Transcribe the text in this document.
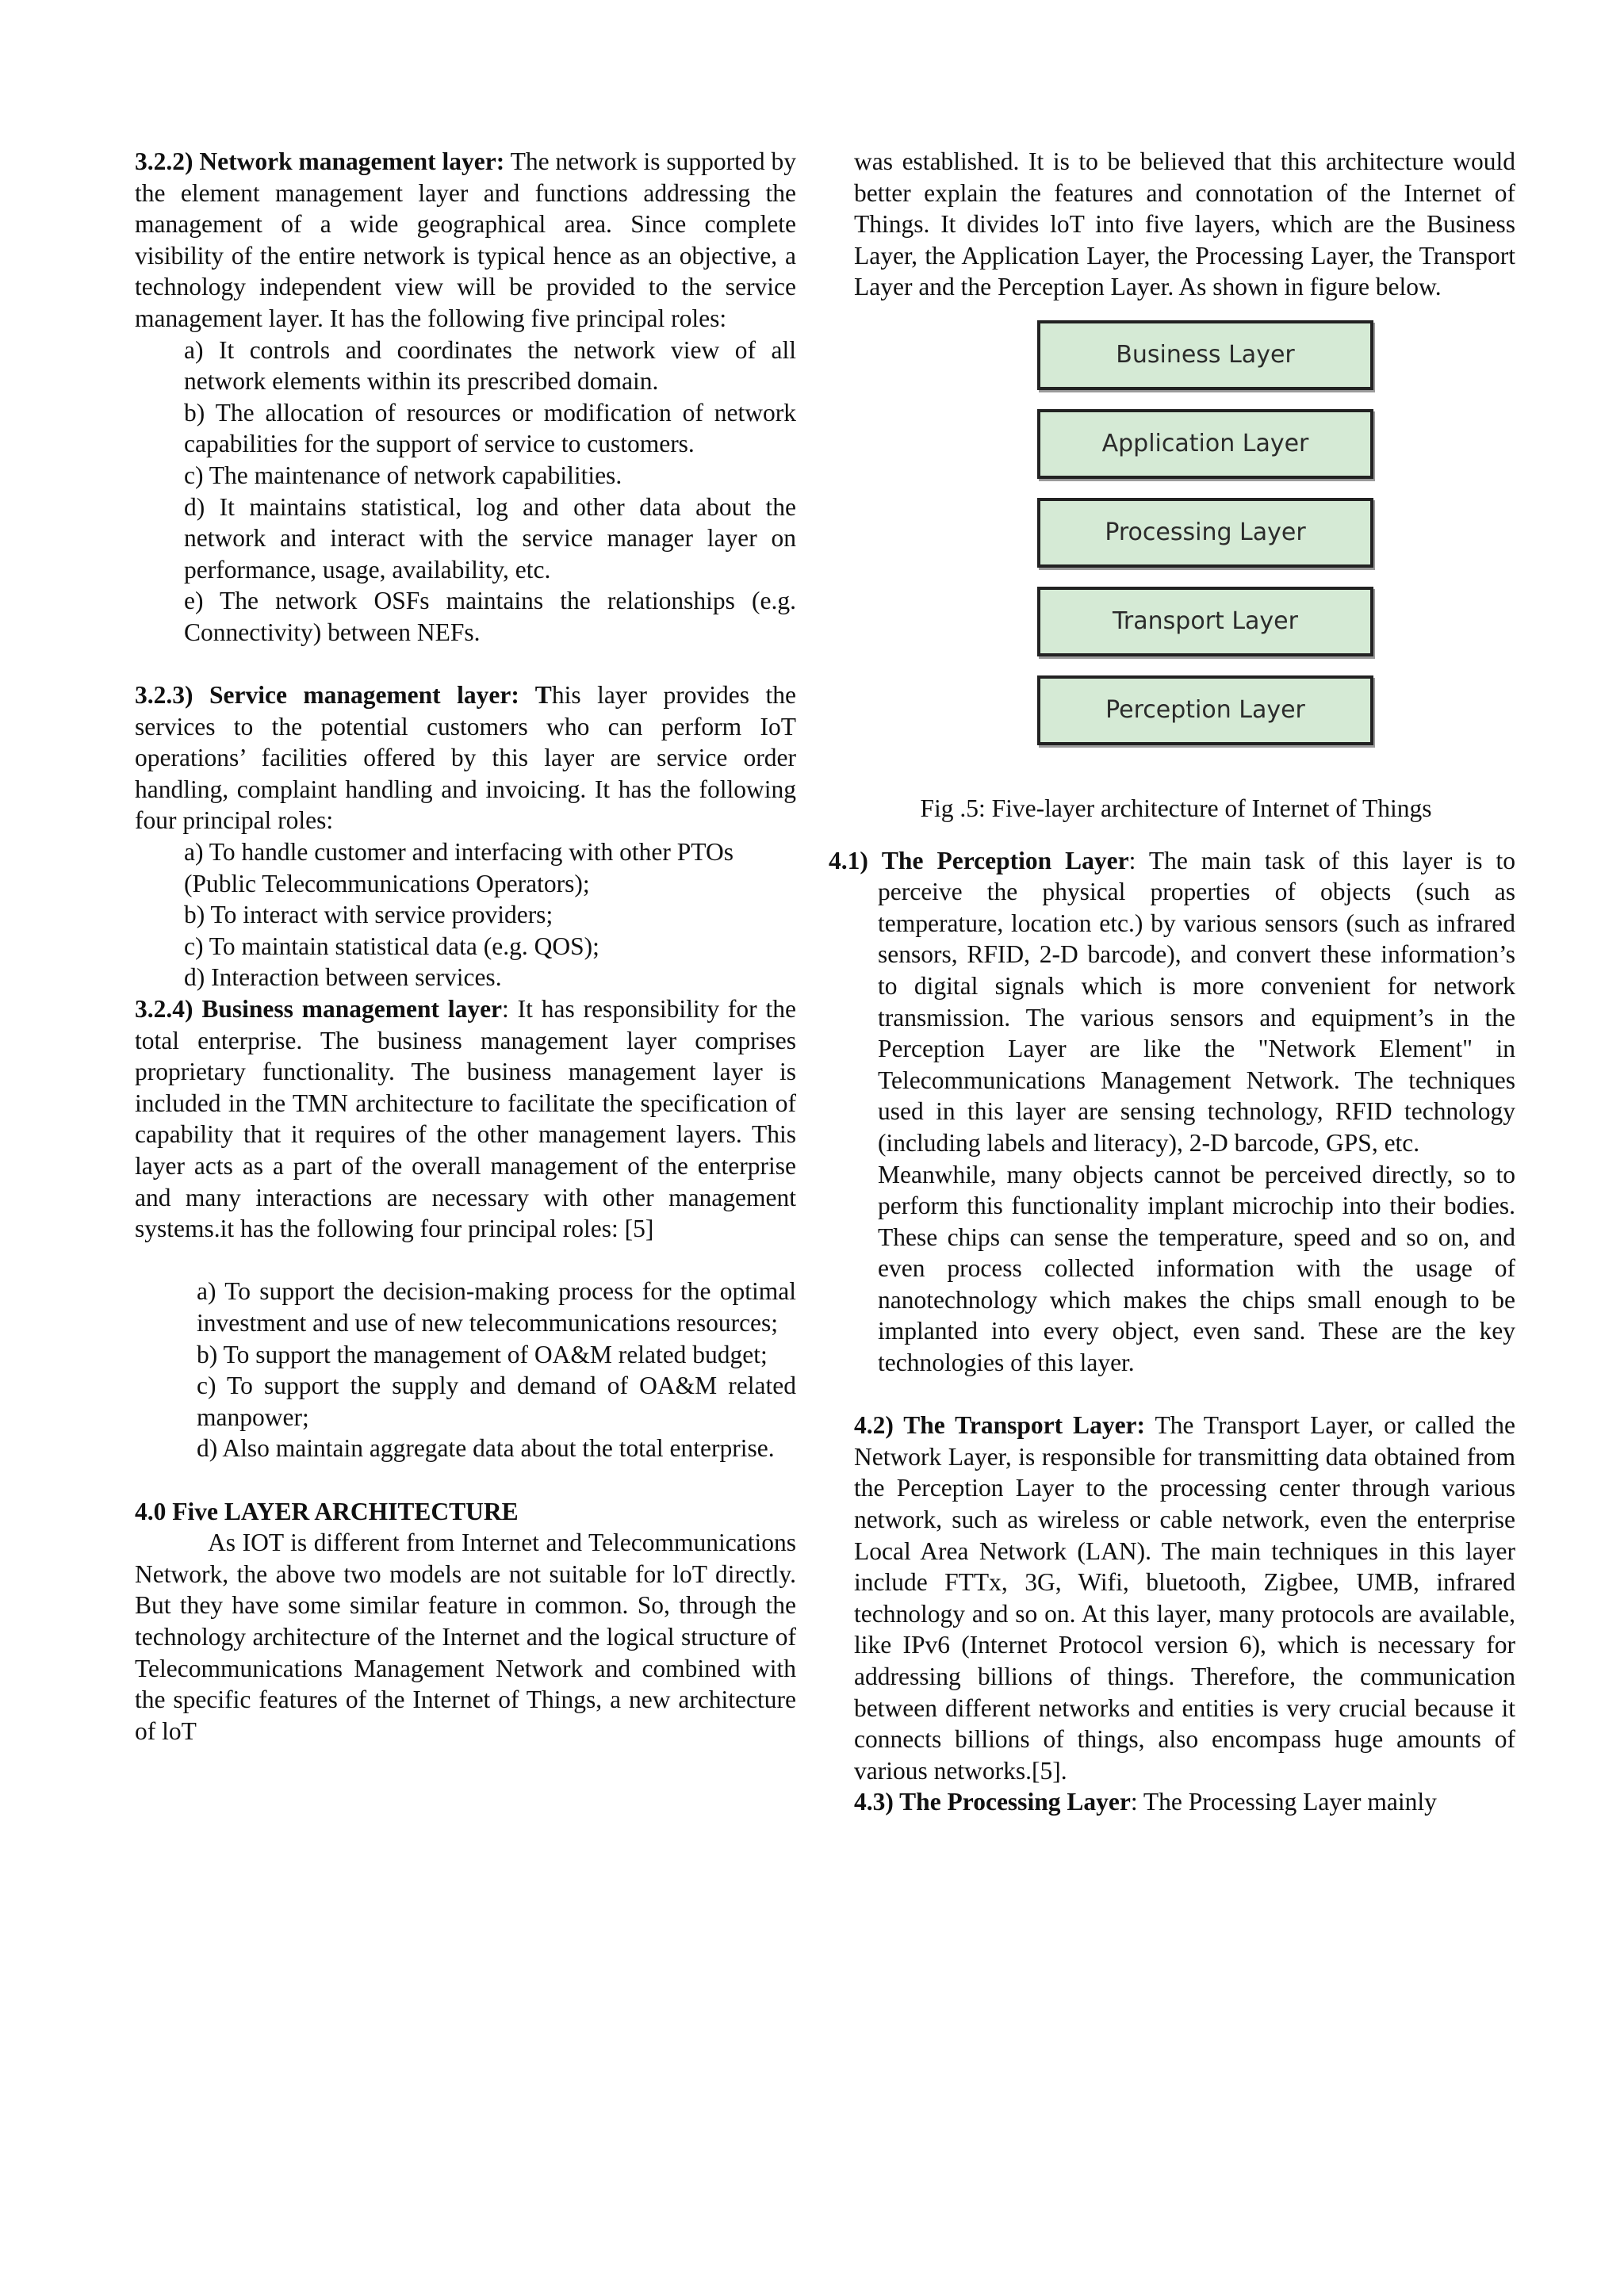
3.2.2) Network management layer: The network is supported by the element management layer and functions addressing the management of a wide geographical area. Since complete visibility of the entire network is typical hence as an objective, a technology independent view will be provided to the service management layer. It has the following five principal roles:

a) It controls and coordinates the network view of all network elements within its prescribed domain.

b) The allocation of resources or modification of network capabilities for the support of service to customers.

c) The maintenance of network capabilities.

d) It maintains statistical, log and other data about the network and interact with the service manager layer on performance, usage, availability, etc.

e) The network OSFs maintains the relationships (e.g. Connectivity) between NEFs.

3.2.3) Service management layer: This layer provides the services to the potential customers who can perform IoT operations’ facilities offered by this layer are service order handling, complaint handling and invoicing. It has the following four principal roles:

a) To handle customer and interfacing with other PTOs (Public Telecommunications Operators);

b) To interact with service providers;

c) To maintain statistical data (e.g. QOS);

d) Interaction between services.

3.2.4) Business management layer: It has responsibility for the total enterprise. The business management layer comprises proprietary functionality. The business management layer is included in the TMN architecture to facilitate the specification of capability that it requires of the other management layers. This layer acts as a part of the overall management of the enterprise and many interactions are necessary with other management systems.it has the following four principal roles: [5]

a) To support the decision-making process for the optimal investment and use of new telecommunications resources;

b) To support the management of OA&M related budget;

c) To support the supply and demand of OA&M related manpower;

d) Also maintain aggregate data about the total enterprise.

4.0 Five LAYER ARCHITECTURE

As IOT is different from Internet and Telecommunications Network, the above two models are not suitable for loT directly. But they have some similar feature in common. So, through the technology architecture of the Internet and the logical structure of Telecommunications Management Network and combined with the specific features of the Internet of Things, a new architecture of loT

was established. It is to be believed that this architecture would better explain the features and connotation of the Internet of Things. It divides loT into five layers, which are the Business Layer, the Application Layer, the Processing Layer, the Transport Layer and the Perception Layer. As shown in figure below.

Business Layer
Application Layer
Processing Layer
Transport Layer
Perception Layer

Fig .5: Five-layer architecture of Internet of Things

4.1) The Perception Layer: The main task of this layer is to perceive the physical properties of objects (such as temperature, location etc.) by various sensors (such as infrared sensors, RFID, 2-D barcode), and convert these information’s to digital signals which is more convenient for network transmission. The various sensors and equipment’s in the Perception Layer are like the "Network Element" in Telecommunications Management Network. The techniques used in this layer are sensing technology, RFID technology (including labels and literacy), 2-D barcode, GPS, etc.

Meanwhile, many objects cannot be perceived directly, so to perform this functionality implant microchip into their bodies. These chips can sense the temperature, speed and so on, and even process collected information with the usage of nanotechnology which makes the chips small enough to be implanted into every object, even sand. These are the key technologies of this layer.

4.2) The Transport Layer: The Transport Layer, or called the Network Layer, is responsible for transmitting data obtained from the Perception Layer to the processing center through various network, such as wireless or cable network, even the enterprise Local Area Network (LAN). The main techniques in this layer include FTTx, 3G, Wifi, bluetooth, Zigbee, UMB, infrared technology and so on. At this layer, many protocols are available, like IPv6 (Internet Protocol version 6), which is necessary for addressing billions of things. Therefore, the communication between different networks and entities is very crucial because it connects billions of things, also encompass huge amounts of various networks.[5].

4.3) The Processing Layer: The Processing Layer mainly
